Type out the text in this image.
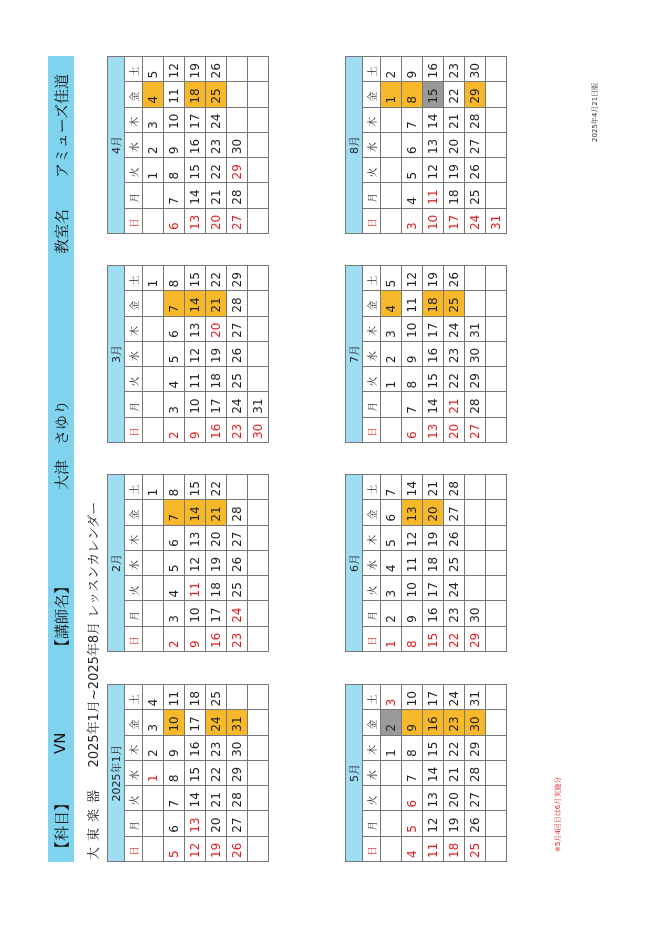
【科目】
VN
【講師名】
大津　さゆり
教室名
アミューズ佳道
大東楽器    2025年1月~2025年8月 レッスンカレンダー
2025年1月						
日	月	火	水	木	金	土
			1	2	3	4
5	6	7	8	9	10	11
12	13	14	15	16	17	18
19	20	21	22	23	24	25
26	27	28	29	30	31	

2月						
日	月	火	水	木	金	土
						1
2	3	4	5	6	7	8
9	10	11	12	13	14	15
16	17	18	19	20	21	22
23	24	25	26	27	28	

3月						
日	月	火	水	木	金	土
						1
2	3	4	5	6	7	8
9	10	11	12	13	14	15
16	17	18	19	20	21	22
23	24	25	26	27	28	29
30	31					
4月						
日	月	火	水	木	金	土
		1	2	3	4	5
6	7	8	9	10	11	12
13	14	15	16	17	18	19
20	21	22	23	24	25	26
27	28	29	30			

5月						
日	月	火	水	木	金	土
				1	2	3
4	5	6	7	8	9	10
11	12	13	14	15	16	17
18	19	20	21	22	23	24
25	26	27	28	29	30	31

6月						
日	月	火	水	木	金	土
1	2	3	4	5	6	7
8	9	10	11	12	13	14
15	16	17	18	19	20	21
22	23	24	25	26	27	28
29	30					

7月						
日	月	火	水	木	金	土
		1	2	3	4	5
6	7	8	9	10	11	12
13	14	15	16	17	18	19
20	21	22	23	24	25	26
27	28	29	30	31		

8月						
日	月	火	水	木	金	土
					1	2
3	4	5	6	7	8	9
10	11	12	13	14	15	16
17	18	19	20	21	22	23
24	25	26	27	28	29	30
31						
※5月4回目は6月実施分
2025年4月21日版
